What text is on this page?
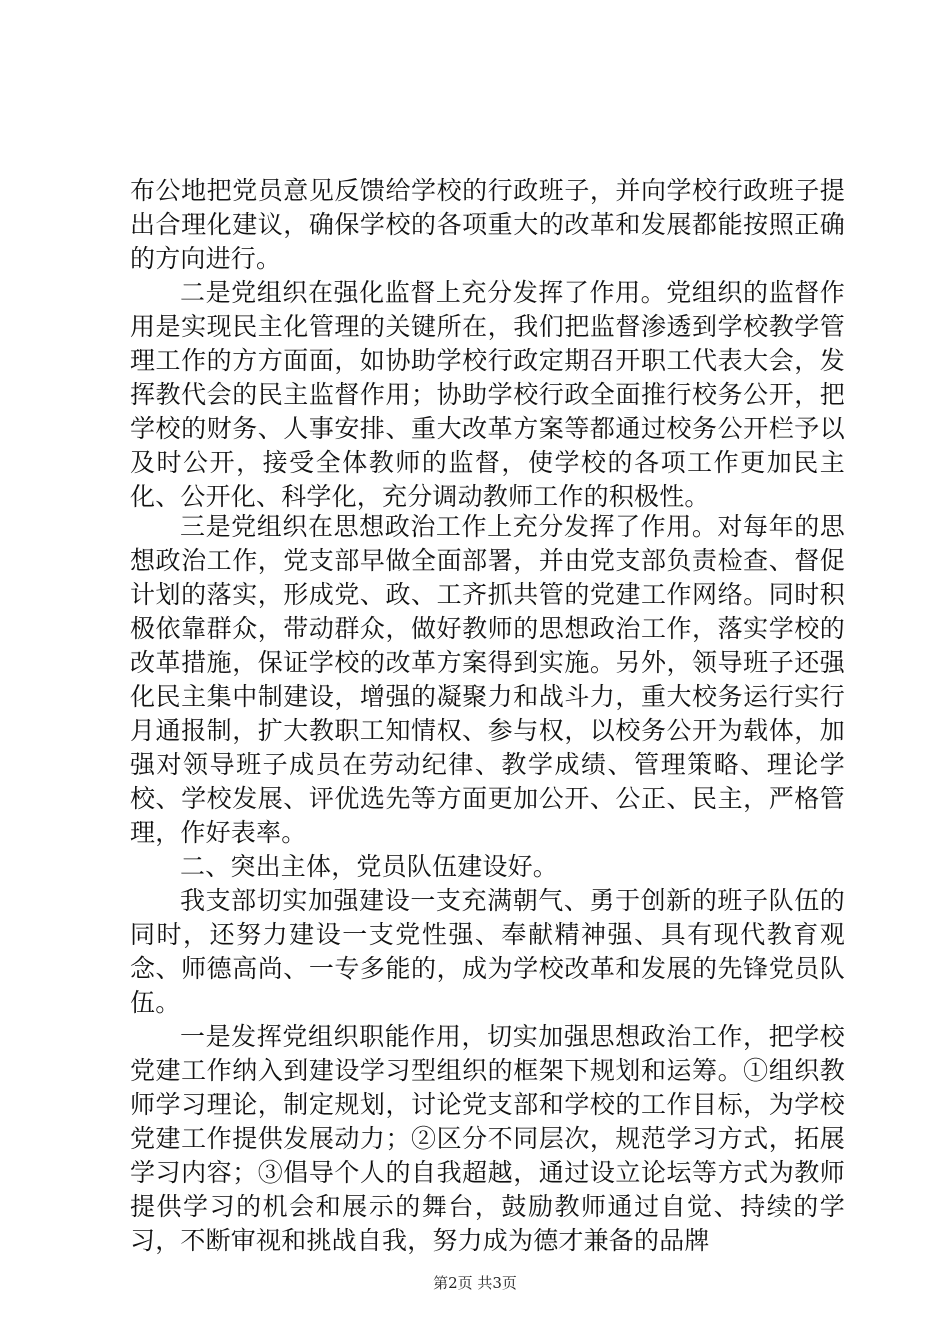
布公地把党员意见反馈给学校的行政班子，并向学校行政班子提出合理化建议，确保学校的各项重大的改革和发展都能按照正确的方向进行。

二是党组织在强化监督上充分发挥了作用。党组织的监督作用是实现民主化管理的关键所在，我们把监督渗透到学校教学管理工作的方方面面，如协助学校行政定期召开职工代表大会，发挥教代会的民主监督作用；协助学校行政全面推行校务公开，把学校的财务、人事安排、重大改革方案等都通过校务公开栏予以及时公开，接受全体教师的监督，使学校的各项工作更加民主化、公开化、科学化，充分调动教师工作的积极性。

三是党组织在思想政治工作上充分发挥了作用。对每年的思想政治工作，党支部早做全面部署，并由党支部负责检查、督促计划的落实，形成党、政、工齐抓共管的党建工作网络。同时积极依靠群众，带动群众，做好教师的思想政治工作，落实学校的改革措施，保证学校的改革方案得到实施。另外，领导班子还强化民主集中制建设，增强的凝聚力和战斗力，重大校务运行实行月通报制，扩大教职工知情权、参与权，以校务公开为载体，加强对领导班子成员在劳动纪律、教学成绩、管理策略、理论学校、学校发展、评优选先等方面更加公开、公正、民主，严格管理，作好表率。

二、突出主体，党员队伍建设好。

我支部切实加强建设一支充满朝气、勇于创新的班子队伍的同时，还努力建设一支党性强、奉献精神强、具有现代教育观念、师德高尚、一专多能的，成为学校改革和发展的先锋党员队伍。

一是发挥党组织职能作用，切实加强思想政治工作，把学校党建工作纳入到建设学习型组织的框架下规划和运筹。①组织教师学习理论，制定规划，讨论党支部和学校的工作目标，为学校党建工作提供发展动力；②区分不同层次，规范学习方式，拓展学习内容；③倡导个人的自我超越，通过设立论坛等方式为教师提供学习的机会和展示的舞台，鼓励教师通过自觉、持续的学习，不断审视和挑战自我，努力成为德才兼备的品牌

第2页 共3页
